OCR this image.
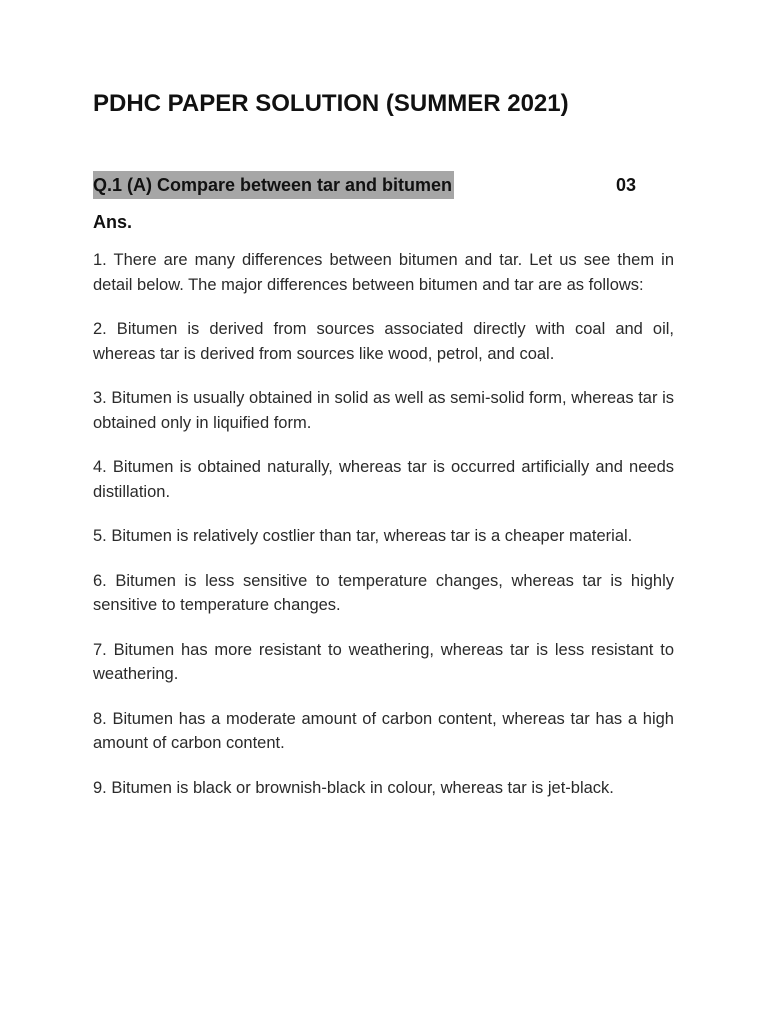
PDHC PAPER SOLUTION (SUMMER 2021)
Q.1 (A) Compare between tar and bitumen	03
Ans.

1. There are many differences between bitumen and tar. Let us see them in detail below. The major differences between bitumen and tar are as follows:

2. Bitumen is derived from sources associated directly with coal and oil, whereas tar is derived from sources like wood, petrol, and coal.

3. Bitumen is usually obtained in solid as well as semi-solid form, whereas tar is obtained only in liquified form.

4. Bitumen is obtained naturally, whereas tar is occurred artificially and needs distillation.

5. Bitumen is relatively costlier than tar, whereas tar is a cheaper material.

6. Bitumen is less sensitive to temperature changes, whereas tar is highly sensitive to temperature changes.

7. Bitumen has more resistant to weathering, whereas tar is less resistant to weathering.

8. Bitumen has a moderate amount of carbon content, whereas tar has a high amount of carbon content.

9. Bitumen is black or brownish-black in colour, whereas tar is jet-black.
